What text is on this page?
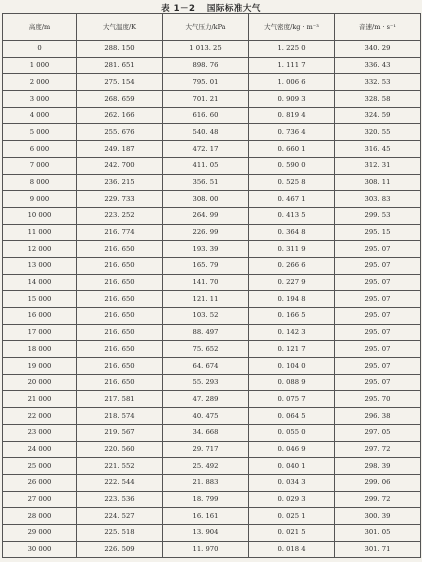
表 1－2 国际标准大气
高度/m	大气温度/K	大气压力/kPa	大气密度/kg · m⁻³	音速/m · s⁻¹
0	288. 150	1 013. 25	1. 225 0	340. 29
1 000	281. 651	898. 76	1. 111 7	336. 43
2 000	275. 154	795. 01	1. 006 6	332. 53
3 000	268. 659	701. 21	0. 909 3	328. 58
4 000	262. 166	616. 60	0. 819 4	324. 59
5 000	255. 676	540. 48	0. 736 4	320. 55
6 000	249. 187	472. 17	0. 660 1	316. 45
7 000	242. 700	411. 05	0. 590 0	312. 31
8 000	236. 215	356. 51	0. 525 8	308. 11
9 000	229. 733	308. 00	0. 467 1	303. 83
10 000	223. 252	264. 99	0. 413 5	299. 53
11 000	216. 774	226. 99	0. 364 8	295. 15
12 000	216. 650	193. 39	0. 311 9	295. 07
13 000	216. 650	165. 79	0. 266 6	295. 07
14 000	216. 650	141. 70	0. 227 9	295. 07
15 000	216. 650	121. 11	0. 194 8	295. 07
16 000	216. 650	103. 52	0. 166 5	295. 07
17 000	216. 650	88. 497	0. 142 3	295. 07
18 000	216. 650	75. 652	0. 121 7	295. 07
19 000	216. 650	64. 674	0. 104 0	295. 07
20 000	216. 650	55. 293	0. 088 9	295. 07
21 000	217. 581	47. 289	0. 075 7	295. 70
22 000	218. 574	40. 475	0. 064 5	296. 38
23 000	219. 567	34. 668	0. 055 0	297. 05
24 000	220. 560	29. 717	0. 046 9	297. 72
25 000	221. 552	25. 492	0. 040 1	298. 39
26 000	222. 544	21. 883	0. 034 3	299. 06
27 000	223. 536	18. 799	0. 029 3	299. 72
28 000	224. 527	16. 161	0. 025 1	300. 39
29 000	225. 518	13. 904	0. 021 5	301. 05
30 000	226. 509	11. 970	0. 018 4	301. 71
